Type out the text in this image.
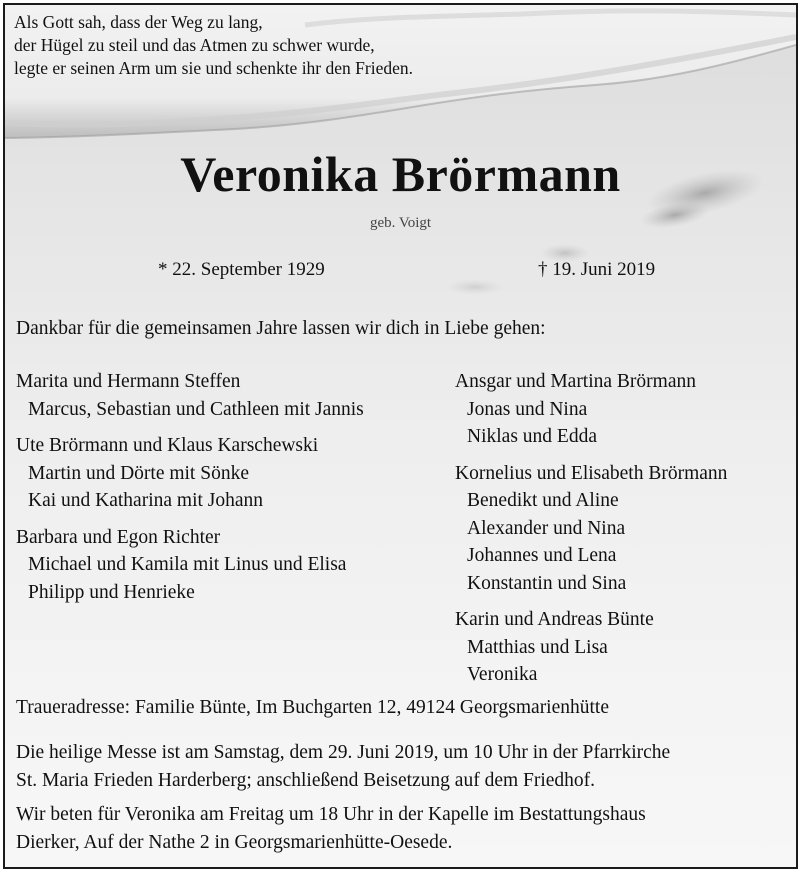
Als Gott sah, dass der Weg zu lang,
der Hügel zu steil und das Atmen zu schwer wurde,
legte er seinen Arm um sie und schenkte ihr den Frieden.
Veronika Brörmann
geb. Voigt
* 22. September 1929	† 19. Juni 2019
Dankbar für die gemeinsamen Jahre lassen wir dich in Liebe gehen:
Marita und Hermann Steffen
Marcus, Sebastian und Cathleen mit Jannis
Ute Brörmann und Klaus Karschewski
Martin und Dörte mit Sönke
Kai und Katharina mit Johann
Barbara und Egon Richter
Michael und Kamila mit Linus und Elisa
Philipp und Henrieke
Ansgar und Martina Brörmann
Jonas und Nina
Niklas und Edda
Kornelius und Elisabeth Brörmann
Benedikt und Aline
Alexander und Nina
Johannes und Lena
Konstantin und Sina
Karin und Andreas Bünte
Matthias und Lisa
Veronika
Traueradresse: Familie Bünte, Im Buchgarten 12, 49124 Georgsmarienhütte
Die heilige Messe ist am Samstag, dem 29. Juni 2019, um 10 Uhr in der Pfarrkirche
St. Maria Frieden Harderberg; anschließend Beisetzung auf dem Friedhof.
Wir beten für Veronika am Freitag um 18 Uhr in der Kapelle im Bestattungshaus
Dierker, Auf der Nathe 2 in Georgsmarienhütte-Oesede.
